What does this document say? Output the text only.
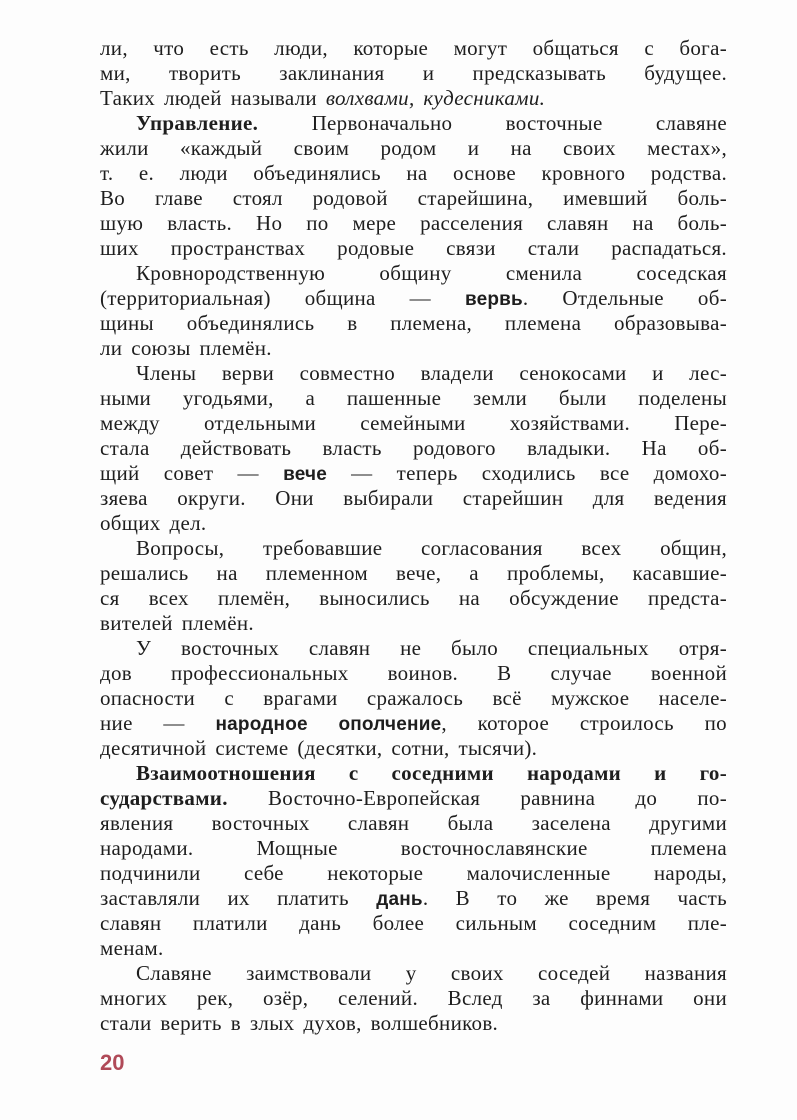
ли, что есть люди, которые могут общаться с бога-
ми, творить заклинания и предсказывать будущее.
Таких людей называли волхвами, кудесниками.
Управление. Первоначально восточные славяне
жили «каждый своим родом и на своих местах»,
т. е. люди объединялись на основе кровного родства.
Во главе стоял родовой старейшина, имевший боль-
шую власть. Но по мере расселения славян на боль-
ших пространствах родовые связи стали распадаться.
Кровнородственную общину сменила соседская
(территориальная) община — вервь. Отдельные об-
щины объединялись в племена, племена образовыва-
ли союзы племён.
Члены верви совместно владели сенокосами и лес-
ными угодьями, а пашенные земли были поделены
между отдельными семейными хозяйствами. Пере-
стала действовать власть родового владыки. На об-
щий совет — вече — теперь сходились все домохо-
зяева округи. Они выбирали старейшин для ведения
общих дел.
Вопросы, требовавшие согласования всех общин,
решались на племенном вече, а проблемы, касавшие-
ся всех племён, выносились на обсуждение предста-
вителей племён.
У восточных славян не было специальных отря-
дов профессиональных воинов. В случае военной
опасности с врагами сражалось всё мужское населе-
ние — народное ополчение, которое строилось по
десятичной системе (десятки, сотни, тысячи).
Взаимоотношения с соседними народами и го-
сударствами. Восточно-Европейская равнина до по-
явления восточных славян была заселена другими
народами. Мощные восточнославянские племена
подчинили себе некоторые малочисленные народы,
заставляли их платить дань. В то же время часть
славян платили дань более сильным соседним пле-
менам.
Славяне заимствовали у своих соседей названия
многих рек, озёр, селений. Вслед за финнами они
стали верить в злых духов, волшебников.
20
